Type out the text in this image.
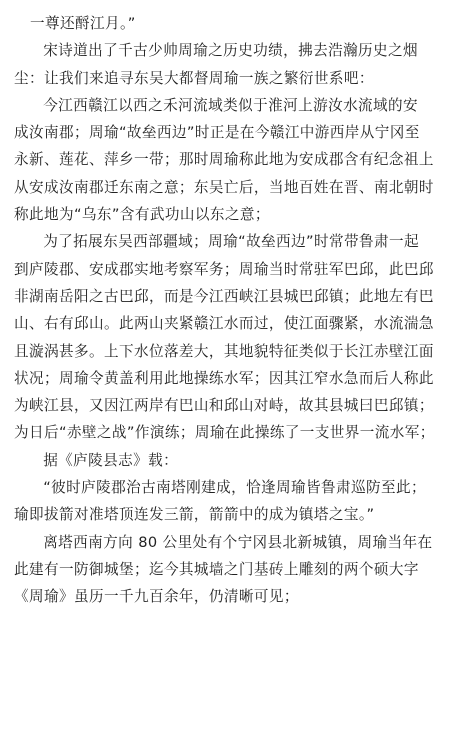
一尊还酹江月。”

宋诗道出了千古少帅周瑜之历史功绩，拂去浩瀚历史之烟

尘：让我们来追寻东吴大都督周瑜一族之繁衍世系吧：

今江西赣江以西之禾河流域类似于淮河上游汝水流域的安

成汝南郡；周瑜“故垒西边”时正是在今赣江中游西岸从宁冈至
永新、莲花、萍乡一带；那时周瑜称此地为安成郡含有纪念祖上
从安成汝南郡迁东南之意；东吴亡后，当地百姓在晋、南北朝时
称此地为“乌东”含有武功山以东之意；

为了拓展东吴西部疆域；周瑜“故垒西边”时常带鲁肃一起

到庐陵郡、安成郡实地考察军务；周瑜当时常驻军巴邱，此巴邱
非湖南岳阳之古巴邱，而是今江西峡江县城巴邱镇；此地左有巴
山、右有邱山。此两山夹紧赣江水而过，使江面骤紧，水流湍急
且漩涡甚多。上下水位落差大，其地貌特征类似于长江赤壁江面
状况；周瑜令黄盖利用此地操练水军；因其江窄水急而后人称此
为峡江县，又因江两岸有巴山和邱山对峙，故其县城曰巴邱镇；
为日后“赤壁之战”作演练；周瑜在此操练了一支世界一流水军；

据《庐陵县志》载：

“彼时庐陵郡治古南塔刚建成，恰逢周瑜皆鲁肃巡防至此；

瑜即拔箭对准塔顶连发三箭，箭箭中的成为镇塔之宝。”

离塔西南方向 80 公里处有个宁冈县北新城镇，周瑜当年在

此建有一防御城堡；迄今其城墙之门基砖上雕刻的两个硕大字
《周瑜》虽历一千九百余年，仍清晰可见；
